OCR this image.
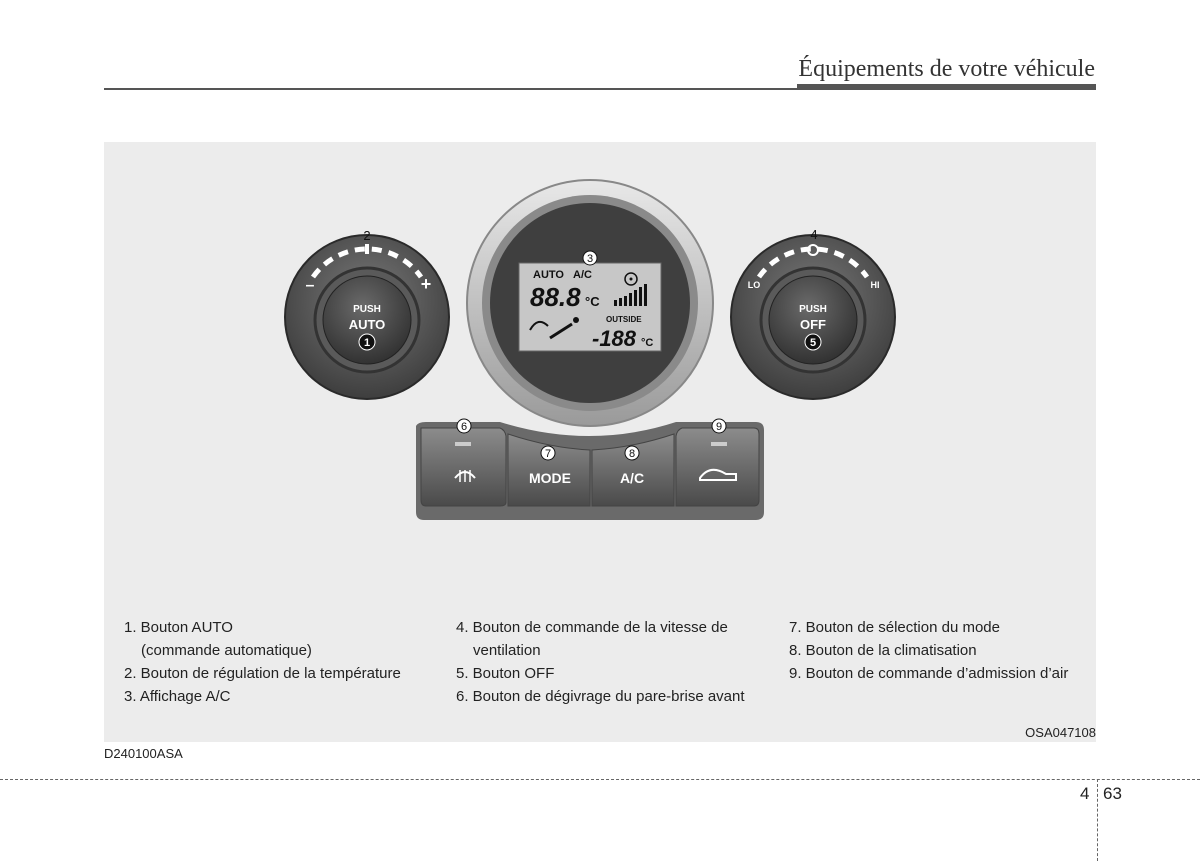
Équipements de votre véhicule
–	+
PUSH
AUTO
AUTO A/C
88.8 °C
OUTSIDE
-188 °C
LO	HI
PUSH
OFF
MODE	A/C
2
3
4
1	5
6
7	8
9
1. Bouton AUTO
(commande automatique)
2. Bouton de régulation de la température
3. Affichage A/C
4. Bouton de commande de la vitesse de
ventilation
5. Bouton OFF
6. Bouton de dégivrage du pare-brise avant
7. Bouton de sélection du mode
8. Bouton de la climatisation
9. Bouton de commande d’admission d’air
OSA047108
D240100ASA
4 63
